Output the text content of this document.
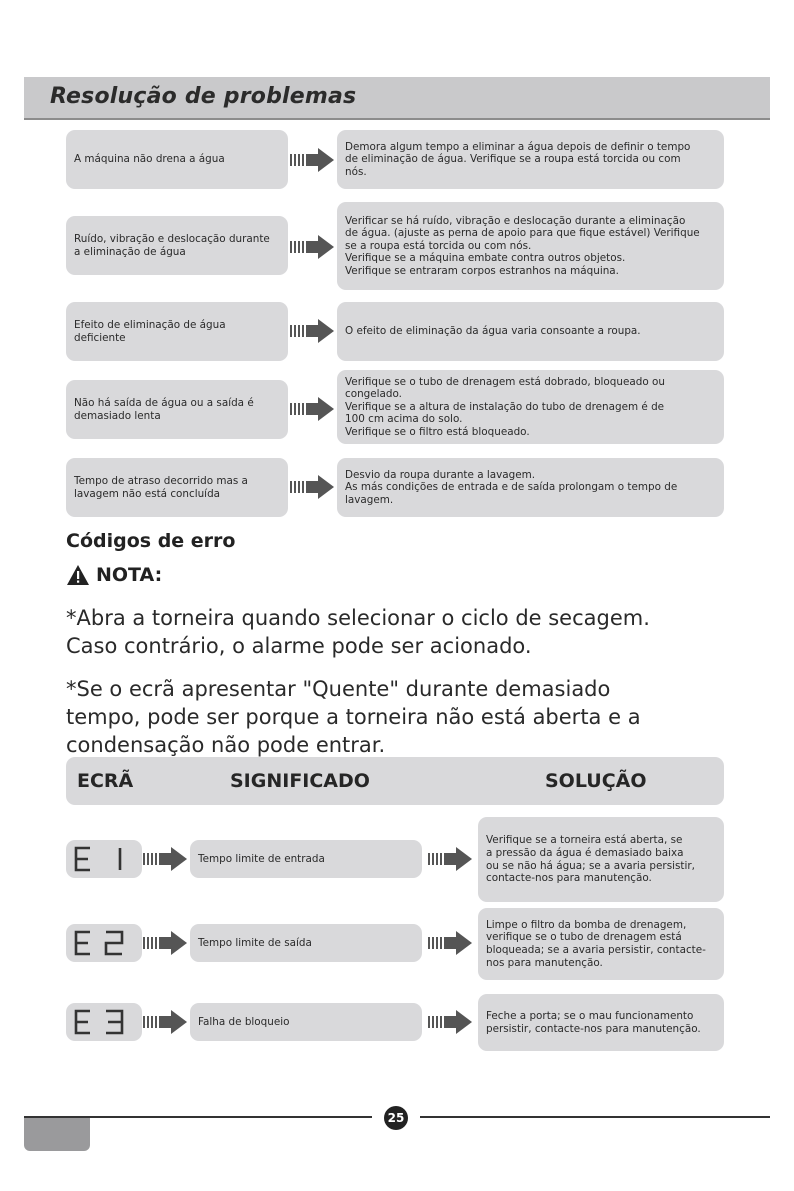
Resolução de problemas
A máquina não drena a água
Demora algum tempo a eliminar a água depois de definir o tempo
de eliminação de água. Verifique se a roupa está torcida ou com
nós.
Ruído, vibração e deslocação durante
a eliminação de água
Verificar se há ruído, vibração e deslocação durante a eliminação
de água. (ajuste as perna de apoio para que fique estável) Verifique
se a roupa está torcida ou com nós.
Verifique se a máquina embate contra outros objetos.
Verifique se entraram corpos estranhos na máquina.
Efeito de eliminação de água
deficiente
O efeito de eliminação da água varia consoante a roupa.
Não há saída de água ou a saída é
demasiado lenta
Verifique se o tubo de drenagem está dobrado, bloqueado ou
congelado.
Verifique se a altura de instalação do tubo de drenagem é de
100 cm acima do solo.
Verifique se o filtro está bloqueado.
Tempo de atraso decorrido mas a
lavagem não está concluída
Desvio da roupa durante a lavagem.
As más condições de entrada e de saída prolongam o tempo de
lavagem.
Códigos de erro
NOTA:
*Abra a torneira quando selecionar o ciclo de secagem.
Caso contrário, o alarme pode ser acionado.
*Se o ecrã apresentar "Quente" durante demasiado
tempo, pode ser porque a torneira não está aberta e a
condensação não pode entrar.
ECRÃ	SIGNIFICADO	SOLUÇÃO
Tempo limite de entrada
Verifique se a torneira está aberta, se
a pressão da água é demasiado baixa
ou se não há água; se a avaria persistir,
contacte-nos para manutenção.
Tempo limite de saída
Limpe o filtro da bomba de drenagem,
verifique se o tubo de drenagem está
bloqueada; se a avaria persistir, contacte-
nos para manutenção.
Falha de bloqueio
Feche a porta; se o mau funcionamento
persistir, contacte-nos para manutenção.
25
